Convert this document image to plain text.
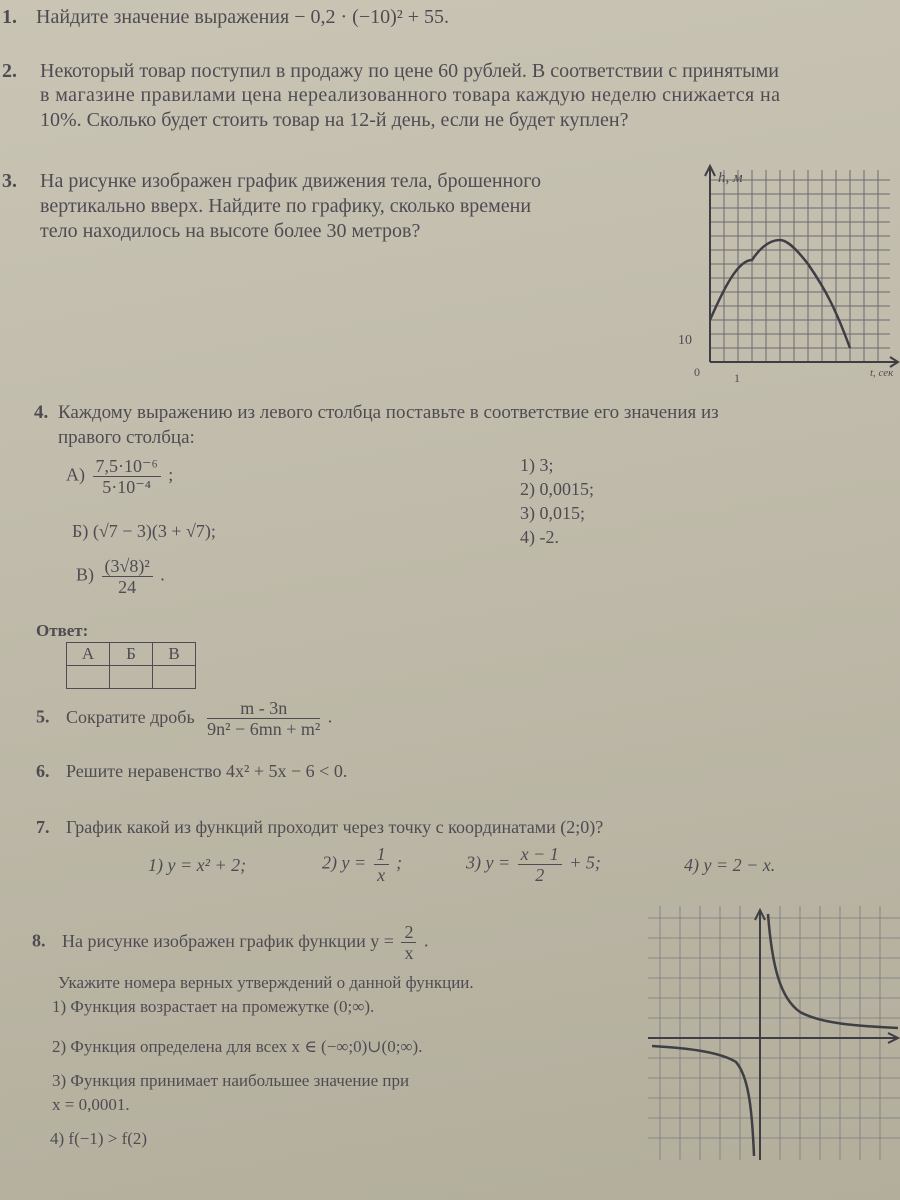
1. Найдите значение выражения − 0,2 · (−10)² + 55.
2. Некоторый товар поступил в продажу по цене 60 рублей. В соответствии с принятыми
в магазине правилами цена нереализованного товара каждую неделю снижается на
10%. Сколько будет стоить товар на 12-й день, если не будет куплен?
3. На рисунке изображен график движения тела, брошенного
вертикально вверх. Найдите по графику, сколько времени
тело находилось на высоте более 30 метров?
h, м
10
0	1	t, сек
4. Каждому выражению из левого столбца поставьте в соответствие его значения из
правого столбца:
$А) \frac{\text{7,5·10⁻⁶}}{\text{5·10⁻⁴}}$ ;
Б) (√7 − 3)(3 + √7);
$В) \frac{\text{(3√8)²}}{24}$ .
1) 3;
2) 0,0015;
3) 0,015;
4) -2.
Ответ:
А	Б	В

5. Сократите дробь $\frac{m - 3n}{\text{9n² − 6mn + m²}}$ .
6. Решите неравенство 4x² + 5x − 6 < 0.
7. График какой из функций проходит через точку с координатами (2;0)?
1) y = x² + 2;	2) $y = \frac{1}{x}$ ;	3) $y = \frac{x - 1}{2} + 5$;	4) y = 2 − x.
8. На рисунке изображен график функции $y = \frac{2}{x}$ .
Укажите номера верных утверждений о данной функции.
1) Функция возрастает на промежутке (0;∞).
2) Функция определена для всех x ∈ (−∞;0)∪(0;∞).
3) Функция принимает наибольшее значение при
x = 0,0001.
4) f(−1) > f(2)
